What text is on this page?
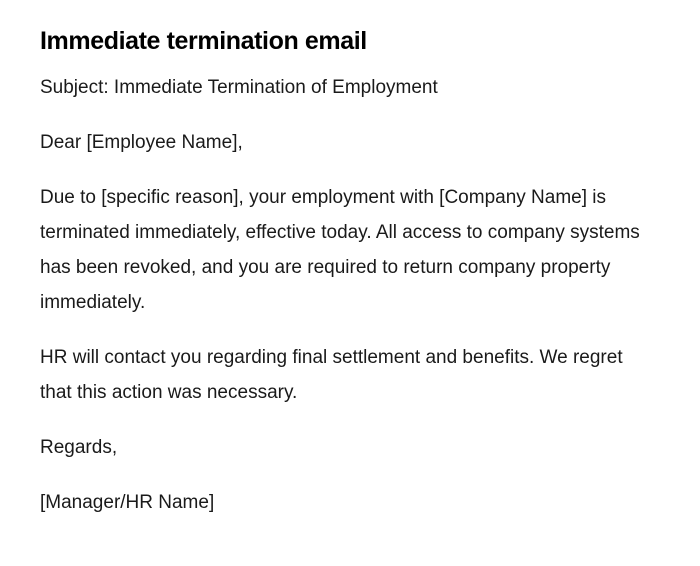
Immediate termination email

Subject: Immediate Termination of Employment

Dear [Employee Name],

Due to [specific reason], your employment with [Company Name] is terminated immediately, effective today. All access to company systems has been revoked, and you are required to return company property immediately.

HR will contact you regarding final settlement and benefits. We regret that this action was necessary.

Regards,

[Manager/HR Name]
